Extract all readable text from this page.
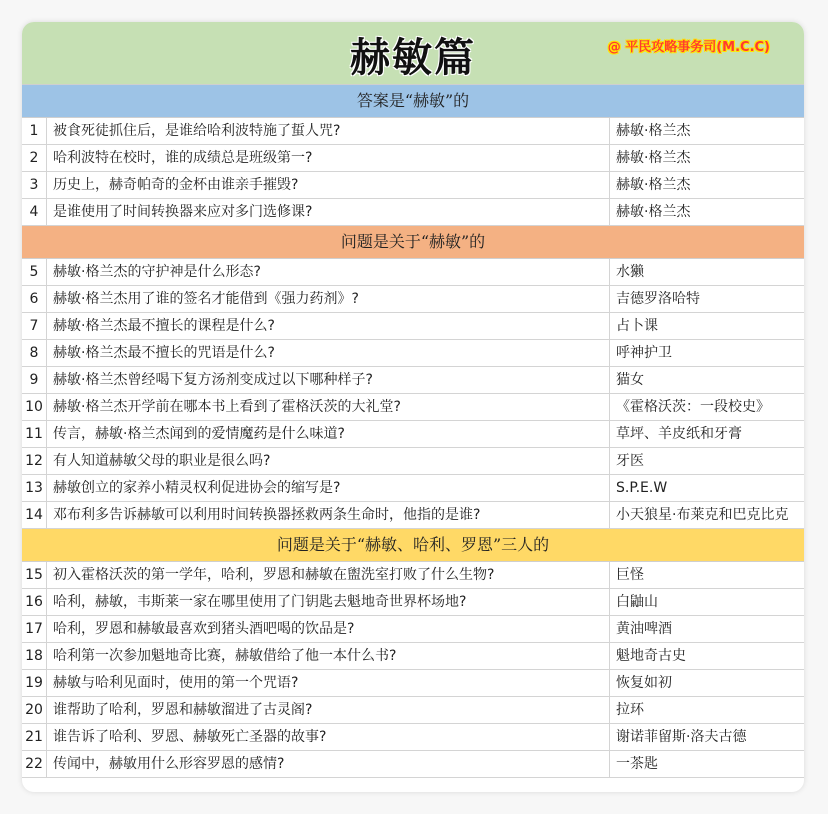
赫敏篇	@ 平民攻略事务司(M.C.C)
答案是“赫敏”的
1	被食死徒抓住后，是谁给哈利波特施了蜇人咒?	赫敏·格兰杰
2	哈利波特在校时，谁的成绩总是班级第一?	赫敏·格兰杰
3	历史上，赫奇帕奇的金杯由谁亲手摧毁?	赫敏·格兰杰
4	是谁使用了时间转换器来应对多门选修课?	赫敏·格兰杰
问题是关于“赫敏”的
5	赫敏·格兰杰的守护神是什么形态?	水獭
6	赫敏·格兰杰用了谁的签名才能借到《强力药剂》?	吉德罗洛哈特
7	赫敏·格兰杰最不擅长的课程是什么?	占卜课
8	赫敏·格兰杰最不擅长的咒语是什么?	呼神护卫
9	赫敏·格兰杰曾经喝下复方汤剂变成过以下哪种样子?	猫女
10 赫敏·格兰杰开学前在哪本书上看到了霍格沃茨的大礼堂?	《霍格沃茨：一段校史》
11 传言，赫敏·格兰杰闻到的爱情魔药是什么味道?	草坪、羊皮纸和牙膏
12 有人知道赫敏父母的职业是很么吗?	牙医
13 赫敏创立的家养小精灵权利促进协会的缩写是?	S.P.E.W
14 邓布利多告诉赫敏可以利用时间转换器拯救两条生命时，他指的是谁?	小天狼星·布莱克和巴克比克
问题是关于“赫敏、哈利、罗恩”三人的
15 初入霍格沃茨的第一学年，哈利，罗恩和赫敏在盥洗室打败了什么生物?	巨怪
16 哈利，赫敏，韦斯莱一家在哪里使用了门钥匙去魁地奇世界杯场地?	白鼬山
17 哈利，罗恩和赫敏最喜欢到猪头酒吧喝的饮品是?	黄油啤酒
18 哈利第一次参加魁地奇比赛，赫敏借给了他一本什么书?	魁地奇古史
19 赫敏与哈利见面时，使用的第一个咒语?	恢复如初
20 谁帮助了哈利，罗恩和赫敏溜进了古灵阁?	拉环
21 谁告诉了哈利、罗恩、赫敏死亡圣器的故事?	谢诺菲留斯·洛夫古德
22 传闻中，赫敏用什么形容罗恩的感情?	一茶匙
